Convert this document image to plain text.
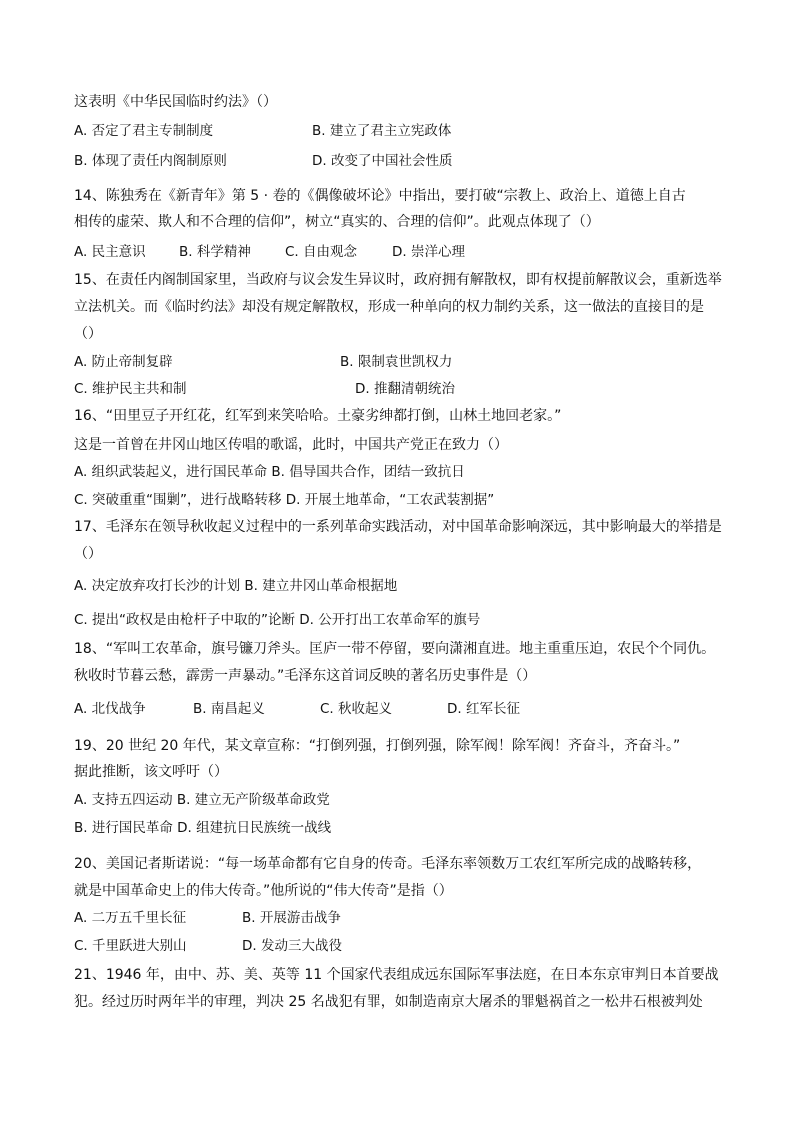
这表明《中华民国临时约法》（）
A. 否定了君主专制制度	B. 建立了君主立宪政体
B. 体现了责任内阁制原则	D. 改变了中国社会性质
14、陈独秀在《新青年》第 5 · 卷的《偶像破坏论》中指出，要打破“宗教上、政治上、道德上自古
相传的虚荣、欺人和不合理的信仰”，树立“真实的、合理的信仰”。此观点体现了（）
A. 民主意识 B. 科学精神	C. 自由观念	D. 崇洋心理
15、在责任内阁制国家里，当政府与议会发生异议时，政府拥有解散权，即有权提前解散议会，重新选举
立法机关。而《临时约法》却没有规定解散权，形成一种单向的权力制约关系，这一做法的直接目的是
（）
A. 防止帝制复辟	B. 限制袁世凯权力
C. 维护民主共和制	D. 推翻清朝统治
16、“田里豆子开红花，红军到来笑哈哈。土豪劣绅都打倒，山林土地回老家。”
这是一首曾在井冈山地区传唱的歌谣，此时，中国共产党正在致力（）
A. 组织武装起义，进行国民革命 B. 倡导国共合作，团结一致抗日
C. 突破重重“围剿”，进行战略转移 D. 开展土地革命，“工农武装割据”
17、毛泽东在领导秋收起义过程中的一系列革命实践活动，对中国革命影响深远，其中影响最大的举措是
（）
A. 决定放弃攻打长沙的计划 B. 建立井冈山革命根据地
C. 提出“政权是由枪杆子中取的”论断 D. 公开打出工农革命军的旗号
18、“军叫工农革命，旗号镰刀斧头。匡庐一带不停留，要向潇湘直进。地主重重压迫，农民个个同仇。
秋收时节暮云愁，霹雳一声暴动。”毛泽东这首词反映的著名历史事件是（）
A. 北伐战争	B. 南昌起义	C. 秋收起义	D. 红军长征
19、20 世纪 20 年代，某文章宣称：“打倒列强，打倒列强，除军阀！除军阀！齐奋斗，齐奋斗。”
据此推断，该文呼吁（）
A. 支持五四运动 B. 建立无产阶级革命政党
B. 进行国民革命 D. 组建抗日民族统一战线
20、美国记者斯诺说：“每一场革命都有它自身的传奇。毛泽东率领数万工农红军所完成的战略转移，
就是中国革命史上的伟大传奇。”他所说的“伟大传奇”是指（）
A. 二万五千里长征	B. 开展游击战争
C. 千里跃进大别山	D. 发动三大战役
21、1946 年，由中、苏、美、英等 11 个国家代表组成远东国际军事法庭，在日本东京审判日本首要战
犯。经过历时两年半的审理，判决 25 名战犯有罪，如制造南京大屠杀的罪魁祸首之一松井石根被判处
